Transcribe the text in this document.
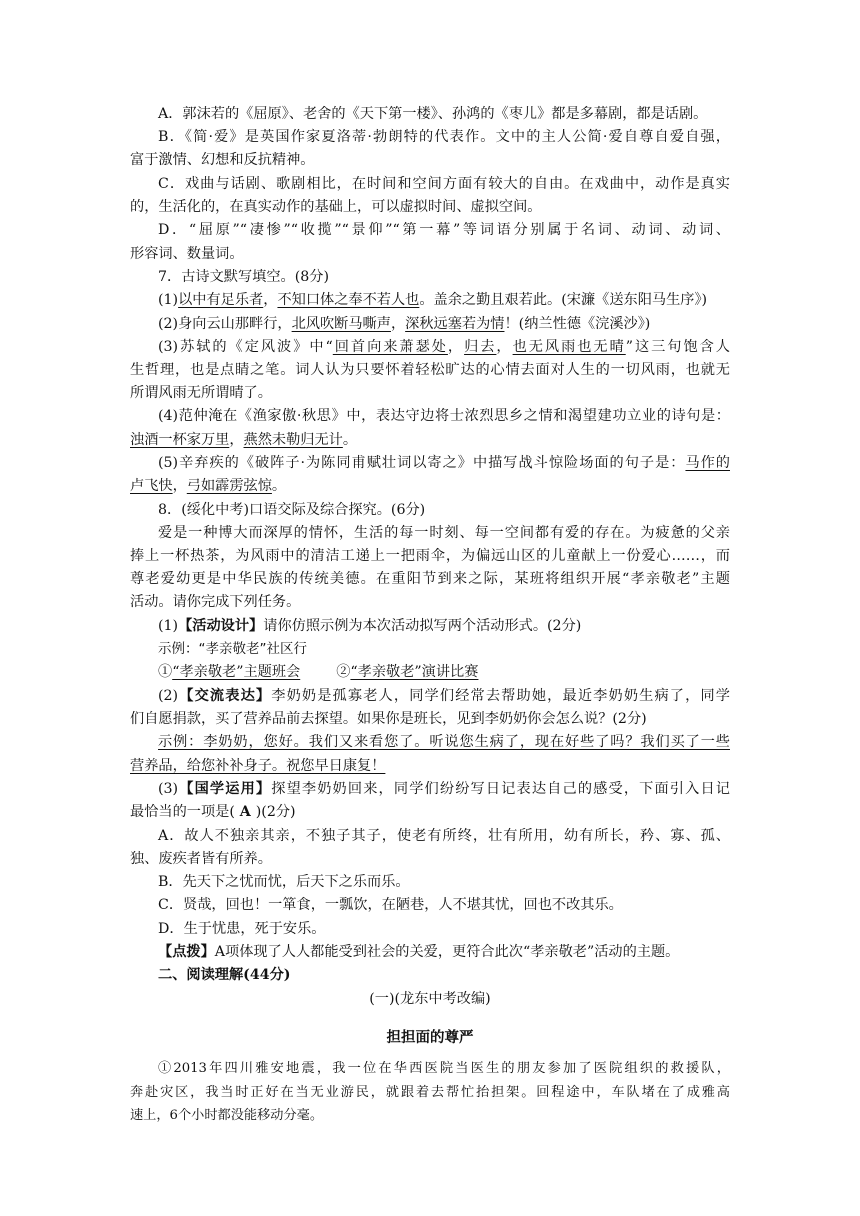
A．郭沫若的《屈原》、老舍的《天下第一楼》、孙鸿的《枣儿》都是多幕剧，都是话剧。
B．《简·爱》是英国作家夏洛蒂·勃朗特的代表作。文中的主人公简·爱自尊自爱自强，
富于激情、幻想和反抗精神。
C．戏曲与话剧、歌剧相比，在时间和空间方面有较大的自由。在戏曲中，动作是真实
的，生活化的，在真实动作的基础上，可以虚拟时间、虚拟空间。
D．“屈原”“凄惨”“收揽”“景仰”“第一幕”等词语分别属于名词、动词、动词、
形容词、数量词。
7．古诗文默写填空。(8分)
(1)以中有足乐者，不知口体之奉不若人也。盖余之勤且艰若此。(宋濂《送东阳马生序》)
(2)身向云山那畔行，北风吹断马嘶声，深秋远塞若为情！(纳兰性德《浣溪沙》)
(3)苏轼的《定风波》中“回首向来萧瑟处，归去，也无风雨也无晴”这三句饱含人
生哲理，也是点睛之笔。词人认为只要怀着轻松旷达的心情去面对人生的一切风雨，也就无
所谓风雨无所谓晴了。
(4)范仲淹在《渔家傲·秋思》中，表达守边将士浓烈思乡之情和渴望建功立业的诗句是：
浊酒一杯家万里，燕然未勒归无计。
(5)辛弃疾的《破阵子·为陈同甫赋壮词以寄之》中描写战斗惊险场面的句子是：马作的
卢飞快，弓如霹雳弦惊。
8．(绥化中考)口语交际及综合探究。(6分)
爱是一种博大而深厚的情怀，生活的每一时刻、每一空间都有爱的存在。为疲惫的父亲
捧上一杯热茶，为风雨中的清洁工递上一把雨伞，为偏远山区的儿童献上一份爱心……，而
尊老爱幼更是中华民族的传统美德。在重阳节到来之际，某班将组织开展“孝亲敬老”主题
活动。请你完成下列任务。
(1)【活动设计】请你仿照示例为本次活动拟写两个活动形式。(2分)
示例：“孝亲敬老”社区行
①“孝亲敬老”主题班会	②“孝亲敬老”演讲比赛
(2)【交流表达】李奶奶是孤寡老人，同学们经常去帮助她，最近李奶奶生病了，同学
们自愿捐款，买了营养品前去探望。如果你是班长，见到李奶奶你会怎么说？(2分)
示例：李奶奶，您好。我们又来看您了。听说您生病了，现在好些了吗？我们买了一些
营养品，给您补补身子。祝您早日康复！
(3)【国学运用】探望李奶奶回来，同学们纷纷写日记表达自己的感受，下面引入日记
最恰当的一项是( A )(2分)
A．故人不独亲其亲，不独子其子，使老有所终，壮有所用，幼有所长，矜、寡、孤、
独、废疾者皆有所养。
B．先天下之忧而忧，后天下之乐而乐。
C．贤哉，回也！一箪食，一瓢饮，在陋巷，人不堪其忧，回也不改其乐。
D．生于忧患，死于安乐。
【点拨】A项体现了人人都能受到社会的关爱，更符合此次“孝亲敬老”活动的主题。
二、阅读理解(44分)
(一)(龙东中考改编)
担担面的尊严
①2013年四川雅安地震，我一位在华西医院当医生的朋友参加了医院组织的救援队，
奔赴灾区，我当时正好在当无业游民，就跟着去帮忙抬担架。回程途中，车队堵在了成雅高
速上，6个小时都没能移动分毫。
